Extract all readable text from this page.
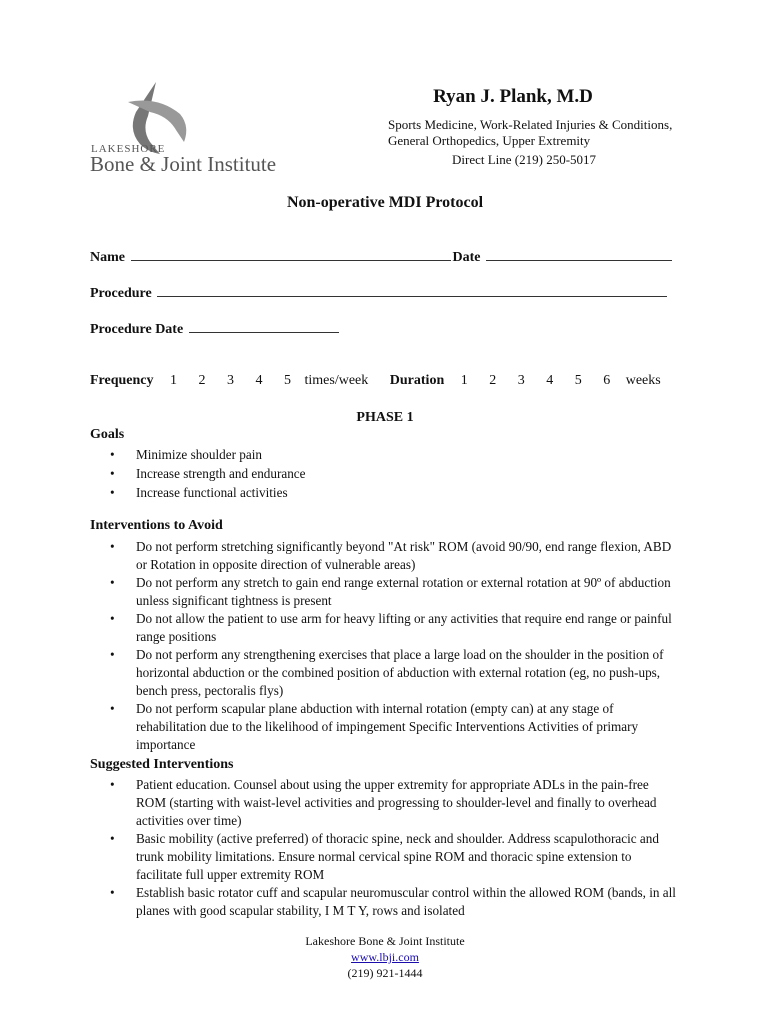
LAKESHORE
Bone & Joint Institute
Ryan J. Plank, M.D
Sports Medicine, Work-Related Injuries & Conditions,
General Orthopedics, Upper Extremity
Direct Line (219) 250-5017
Non-operative MDI Protocol
Name	Date
Procedure
Procedure Date
Frequency 1 2 3 4 5 times/week Duration 1 2 3 4 5 6 weeks
PHASE 1
Goals
• Minimize shoulder pain
• Increase strength and endurance
• Increase functional activities
Interventions to Avoid
• Do not perform stretching significantly beyond "At risk" ROM (avoid 90/90, end range flexion, ABD or Rotation in opposite direction of vulnerable areas)
• Do not perform any stretch to gain end range external rotation or external rotation at 90º of abduction unless significant tightness is present
• Do not allow the patient to use arm for heavy lifting or any activities that require end range or painful range positions
• Do not perform any strengthening exercises that place a large load on the shoulder in the position of horizontal abduction or the combined position of abduction with external rotation (eg, no push-ups, bench press, pectoralis flys)
• Do not perform scapular plane abduction with internal rotation (empty can) at any stage of rehabilitation due to the likelihood of impingement Specific Interventions Activities of primary importance
Suggested Interventions
• Patient education. Counsel about using the upper extremity for appropriate ADLs in the pain-free ROM (starting with waist-level activities and progressing to shoulder-level and finally to overhead activities over time)
• Basic mobility (active preferred) of thoracic spine, neck and shoulder. Address scapulothoracic and trunk mobility limitations. Ensure normal cervical spine ROM and thoracic spine extension to facilitate full upper extremity ROM
• Establish basic rotator cuff and scapular neuromuscular control within the allowed ROM (bands, in all planes with good scapular stability, I M T Y, rows and isolated
Lakeshore Bone & Joint Institute
www.lbji.com
(219) 921-1444
